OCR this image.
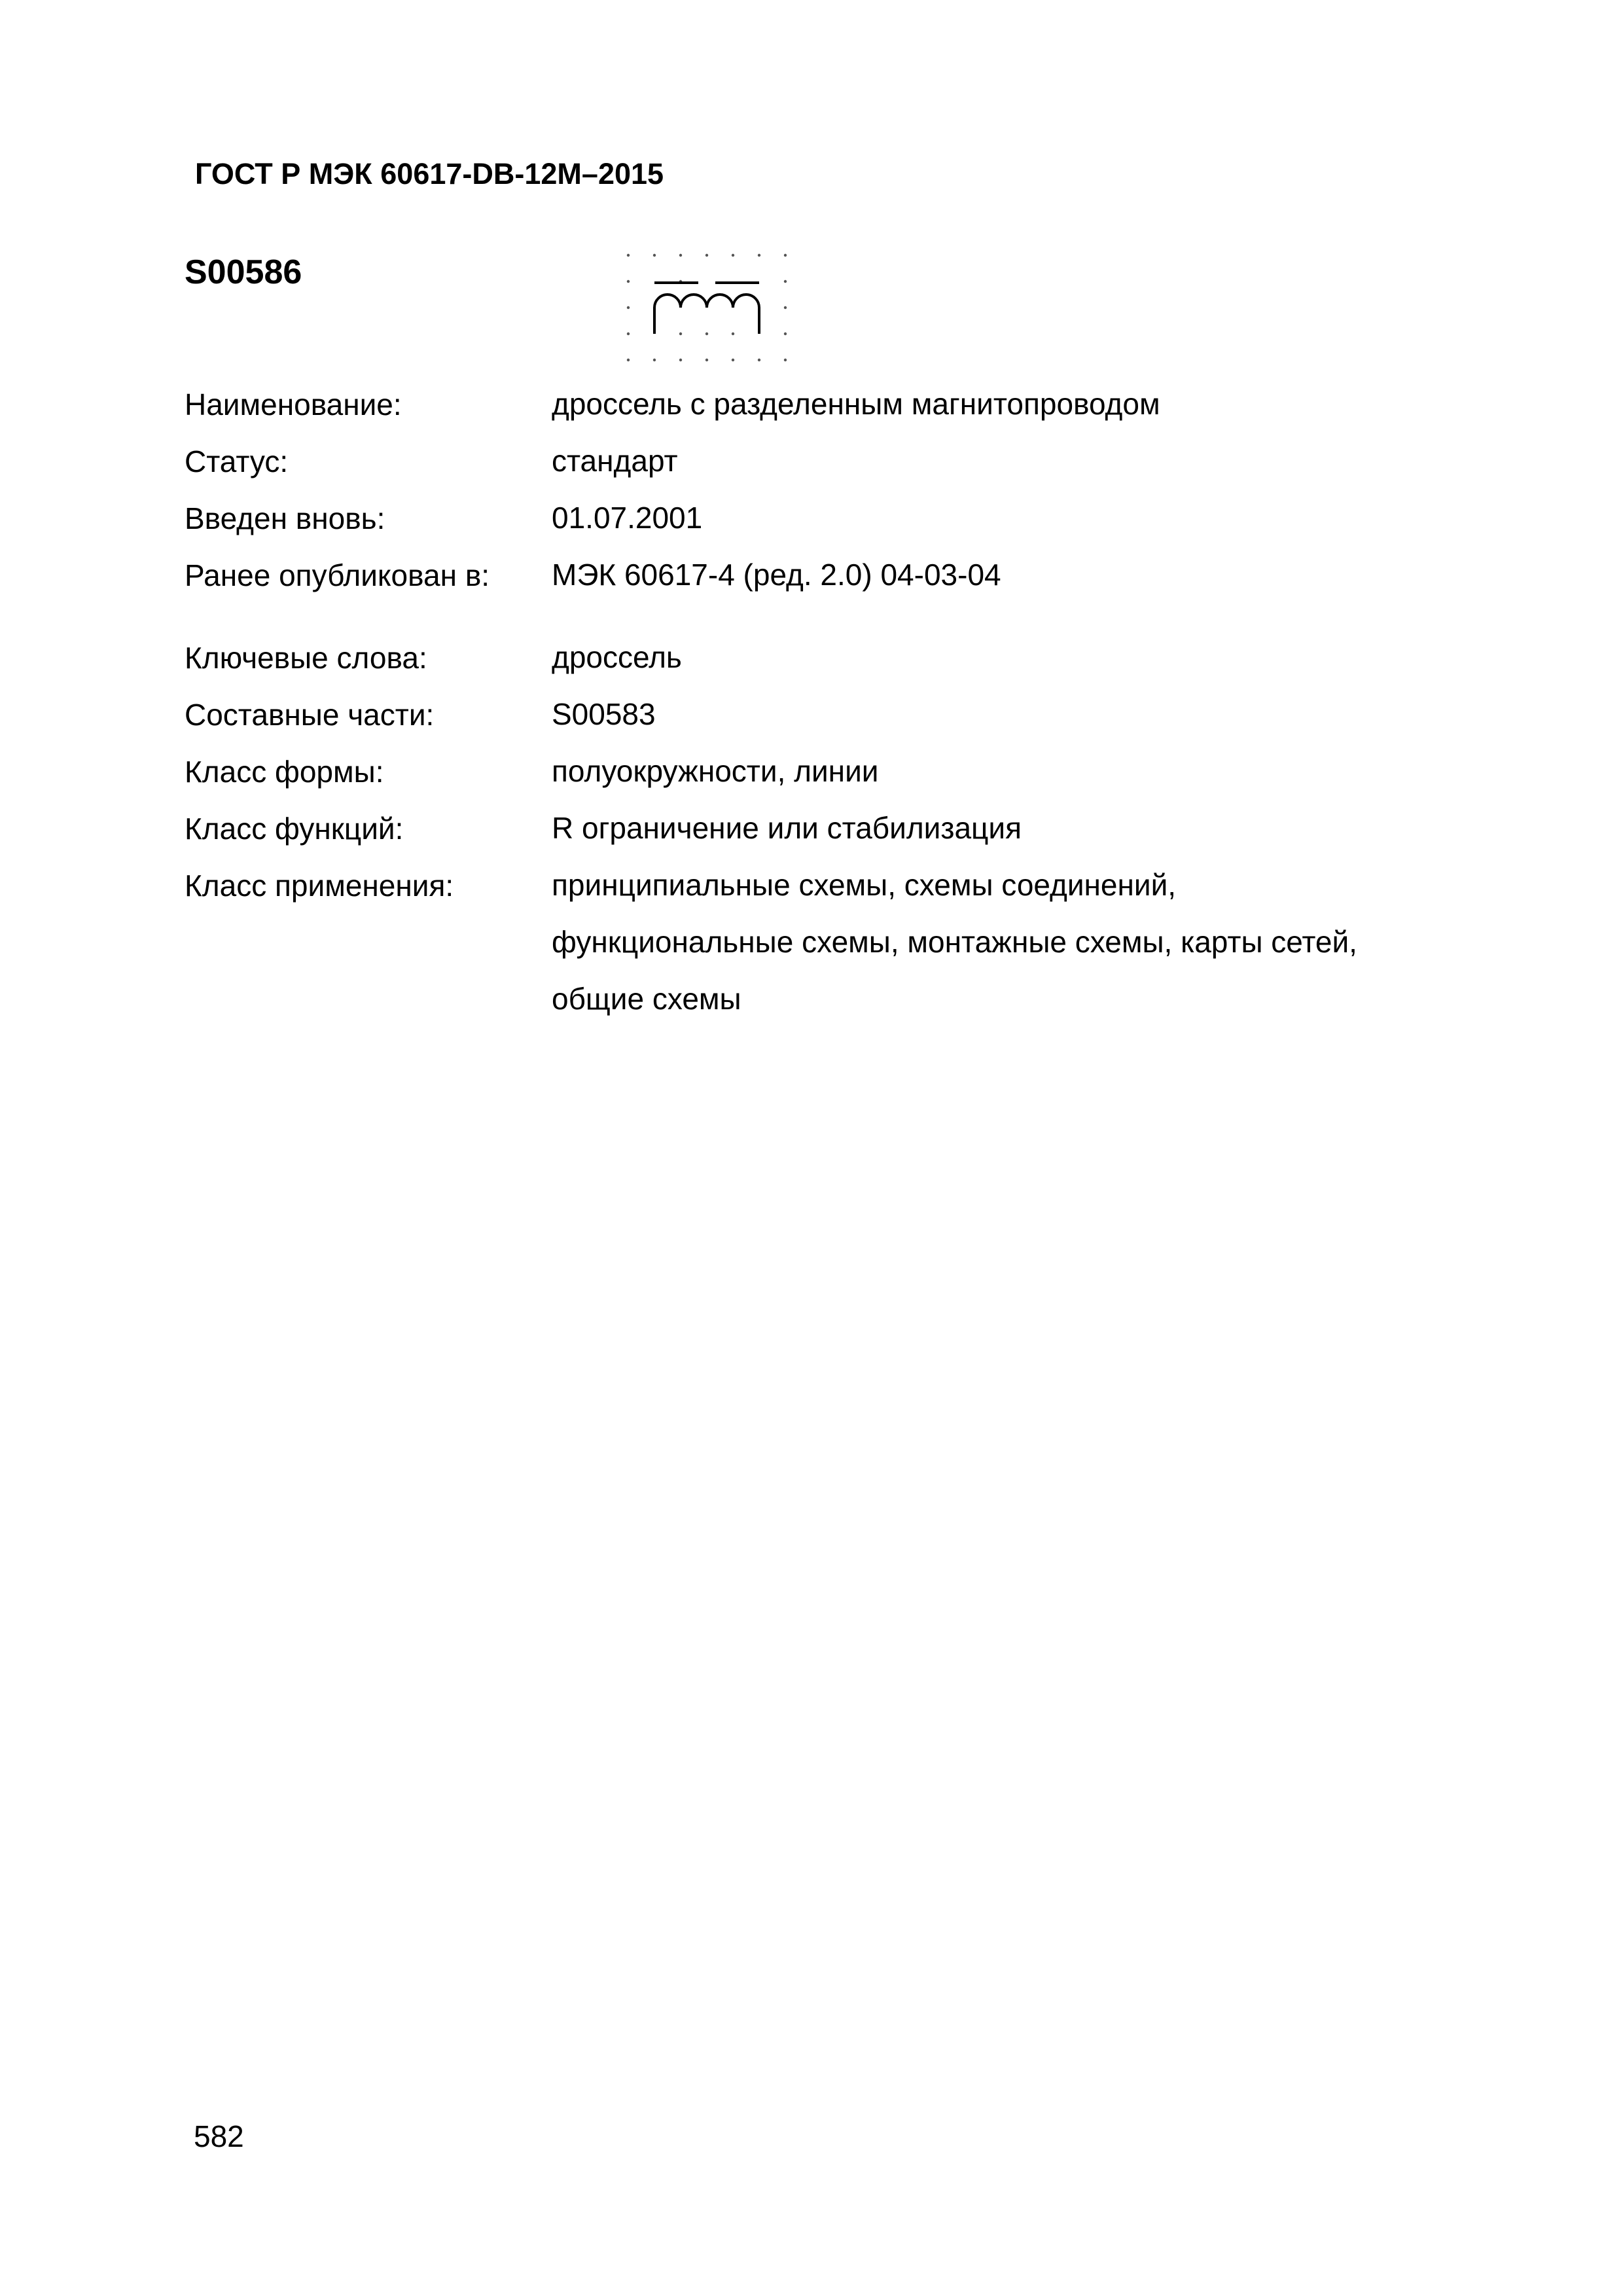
ГОСТ Р МЭК 60617-DB-12M–2015
S00586
Наименование:	дроссель с разделенным магнитопроводом
Статус:	стандарт
Введен вновь:	01.07.2001
Ранее опубликован в: МЭК 60617-4 (ред. 2.0) 04-03-04
Ключевые слова:	дроссель
Составные части:	S00583
Класс формы:	полуокружности, линии
Класс функций:	R ограничение или стабилизация
Класс применения:	принципиальные схемы, схемы соединений, функциональные схемы, монтажные схемы, карты сетей, общие схемы
582
